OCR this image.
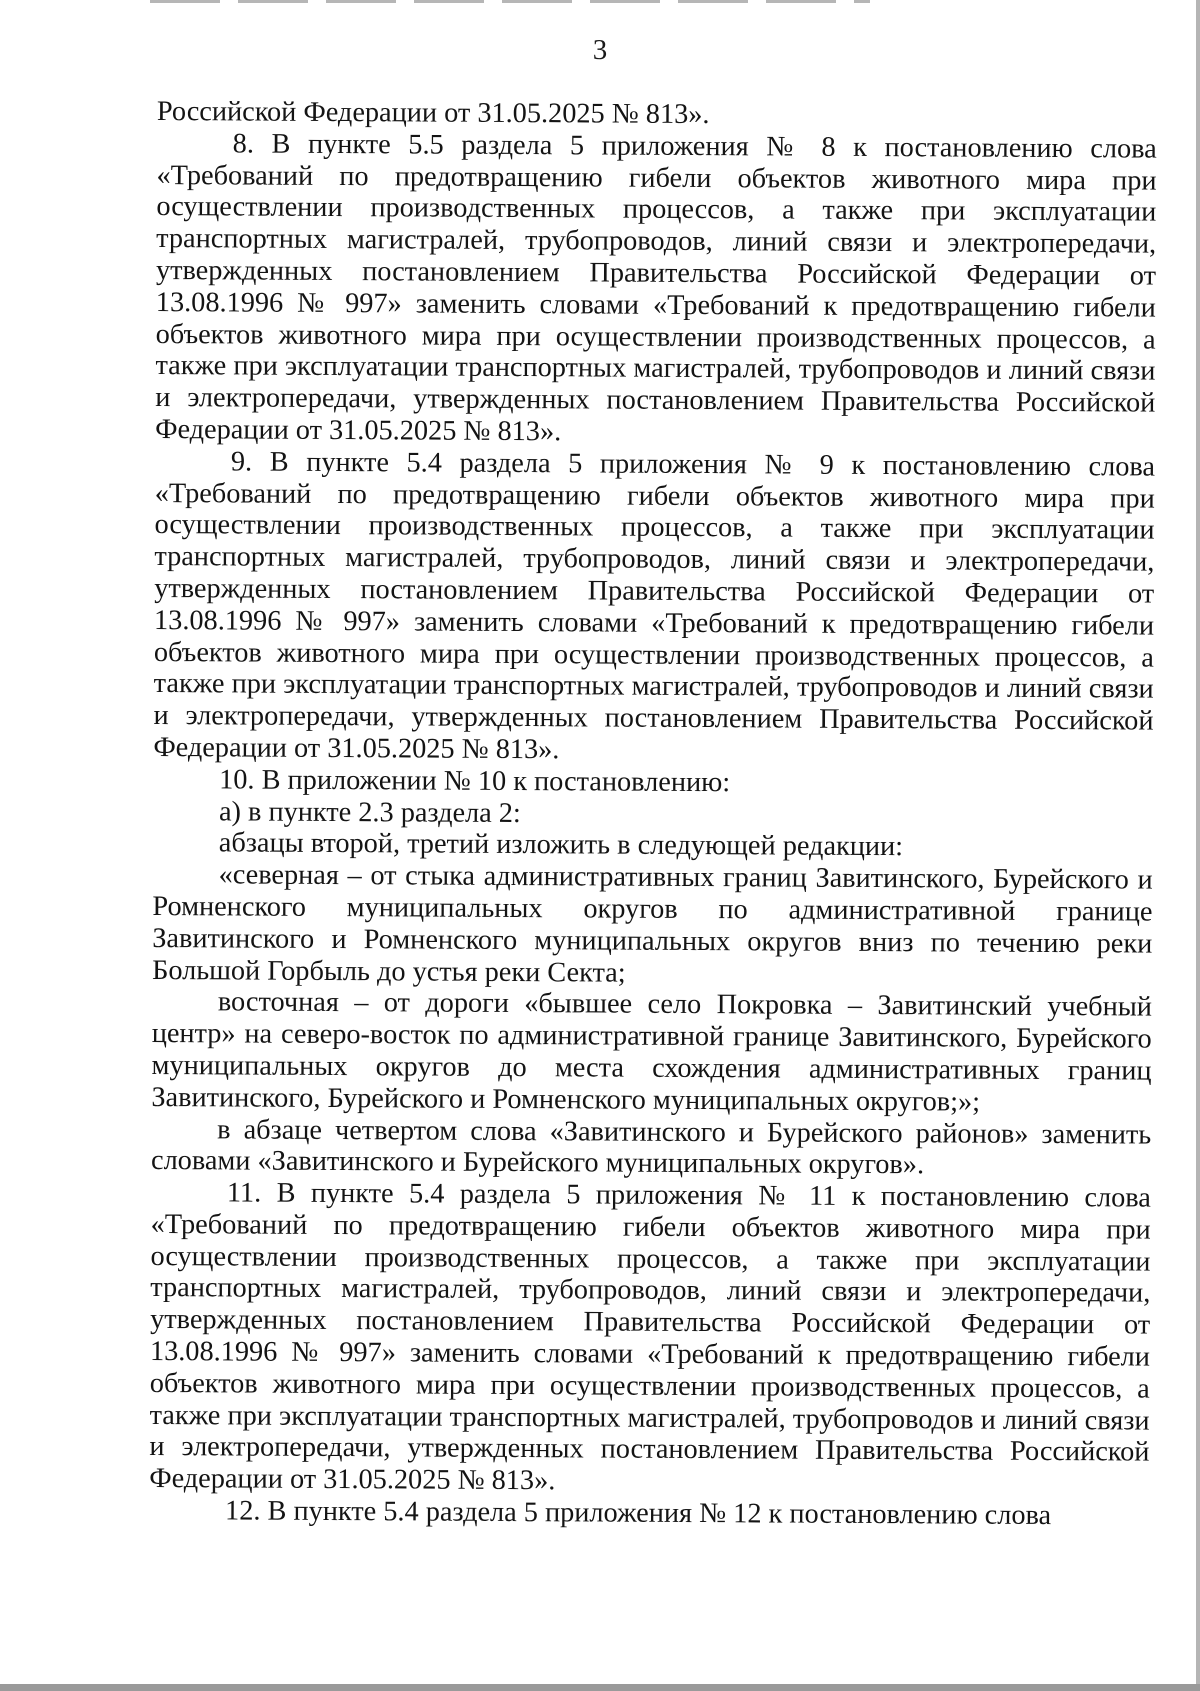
3

Российской Федерации от 31.05.2025 № 813».

8. В пункте 5.5 раздела 5 приложения № 8 к постановлению слова «Требований по предотвращению гибели объектов животного мира при осуществлении производственных процессов, а также при эксплуатации транспортных магистралей, трубопроводов, линий связи и электропередачи, утвержденных постановлением Правительства Российской Федерации от 13.08.1996 № 997» заменить словами «Требований к предотвращению гибели объектов животного мира при осуществлении производственных процессов, а также при эксплуатации транспортных магистралей, трубопроводов и линий связи и электропередачи, утвержденных постановлением Правительства Российской Федерации от 31.05.2025 № 813».

9. В пункте 5.4 раздела 5 приложения № 9 к постановлению слова «Требований по предотвращению гибели объектов животного мира при осуществлении производственных процессов, а также при эксплуатации транспортных магистралей, трубопроводов, линий связи и электропередачи, утвержденных постановлением Правительства Российской Федерации от 13.08.1996 № 997» заменить словами «Требований к предотвращению гибели объектов животного мира при осуществлении производственных процессов, а также при эксплуатации транспортных магистралей, трубопроводов и линий связи и электропередачи, утвержденных постановлением Правительства Российской Федерации от 31.05.2025 № 813».

10. В приложении № 10 к постановлению:

а) в пункте 2.3 раздела 2:

абзацы второй, третий изложить в следующей редакции:

«северная – от стыка административных границ Завитинского, Бурейского и Ромненского муниципальных округов по административной границе Завитинского и Ромненского муниципальных округов вниз по течению реки Большой Горбыль до устья реки Секта;

восточная – от дороги «бывшее село Покровка – Завитинский учебный центр» на северо-восток по административной границе Завитинского, Бурейского муниципальных округов до места схождения административных границ Завитинского, Бурейского и Ромненского муниципальных округов;»;

в абзаце четвертом слова «Завитинского и Бурейского районов» заменить словами «Завитинского и Бурейского муниципальных округов».

11. В пункте 5.4 раздела 5 приложения № 11 к постановлению слова «Требований по предотвращению гибели объектов животного мира при осуществлении производственных процессов, а также при эксплуатации транспортных магистралей, трубопроводов, линий связи и электропередачи, утвержденных постановлением Правительства Российской Федерации от 13.08.1996 № 997» заменить словами «Требований к предотвращению гибели объектов животного мира при осуществлении производственных процессов, а также при эксплуатации транспортных магистралей, трубопроводов и линий связи и электропередачи, утвержденных постановлением Правительства Российской Федерации от 31.05.2025 № 813».

12. В пункте 5.4 раздела 5 приложения № 12 к постановлению слова
